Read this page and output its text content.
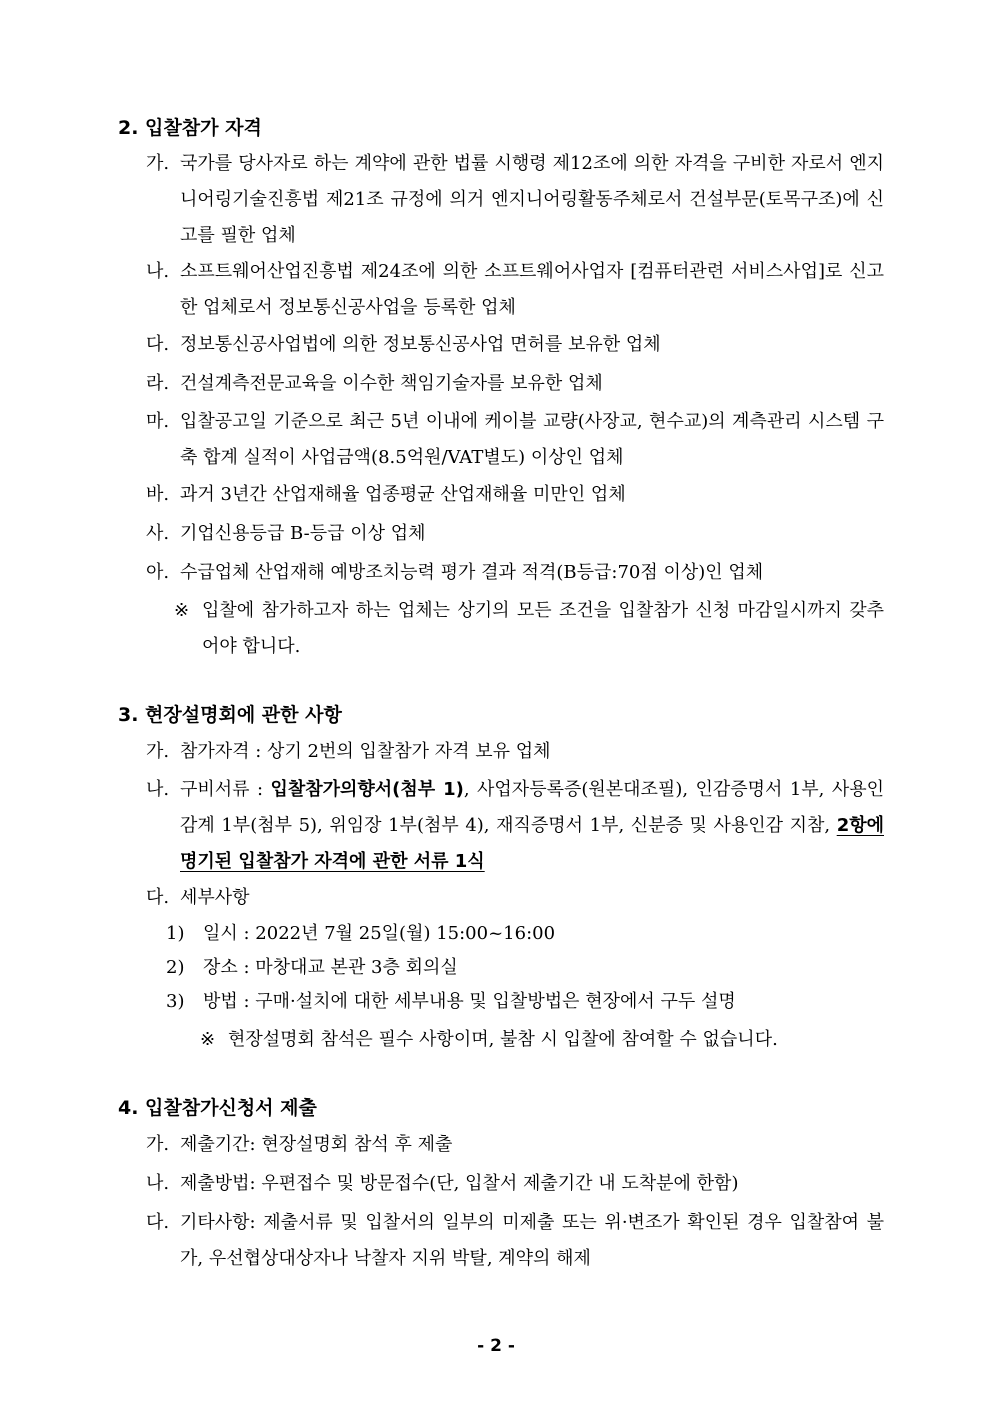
2. 입찰참가 자격
가. 국가를 당사자로 하는 계약에 관한 법률 시행령 제12조에 의한 자격을 구비한 자로서 엔지니어링기술진흥법 제21조 규정에 의거 엔지니어링활동주체로서 건설부문(토목구조)에 신고를 필한 업체
나. 소프트웨어산업진흥법 제24조에 의한 소프트웨어사업자 [컴퓨터관련 서비스사업]로 신고한 업체로서 정보통신공사업을 등록한 업체
다. 정보통신공사업법에 의한 정보통신공사업 면허를 보유한 업체
라. 건설계측전문교육을 이수한 책임기술자를 보유한 업체
마. 입찰공고일 기준으로 최근 5년 이내에 케이블 교량(사장교, 현수교)의 계측관리 시스템 구축 합계 실적이 사업금액(8.5억원/VAT별도) 이상인 업체
바. 과거 3년간 산업재해율 업종평균 산업재해율 미만인 업체
사. 기업신용등급 B-등급 이상 업체
아. 수급업체 산업재해 예방조치능력 평가 결과 적격(B등급:70점 이상)인 업체
※ 입찰에 참가하고자 하는 업체는 상기의 모든 조건을 입찰참가 신청 마감일시까지 갖추어야 합니다.
3. 현장설명회에 관한 사항
가. 참가자격 : 상기 2번의 입찰참가 자격 보유 업체
나. 구비서류 : 입찰참가의향서(첨부 1), 사업자등록증(원본대조필), 인감증명서 1부, 사용인감계 1부(첨부 5), 위임장 1부(첨부 4), 재직증명서 1부, 신분증 및 사용인감 지참, 2항에 명기된 입찰참가 자격에 관한 서류 1식
다. 세부사항
1) 일시 : 2022년 7월 25일(월) 15:00~16:00
2) 장소 : 마창대교 본관 3층 회의실
3) 방법 : 구매·설치에 대한 세부내용 및 입찰방법은 현장에서 구두 설명
※ 현장설명회 참석은 필수 사항이며, 불참 시 입찰에 참여할 수 없습니다.
4. 입찰참가신청서 제출
가. 제출기간: 현장설명회 참석 후 제출
나. 제출방법: 우편접수 및 방문접수(단, 입찰서 제출기간 내 도착분에 한함)
다. 기타사항: 제출서류 및 입찰서의 일부의 미제출 또는 위·변조가 확인된 경우 입찰참여 불가, 우선협상대상자나 낙찰자 지위 박탈, 계약의 해제
- 2 -
